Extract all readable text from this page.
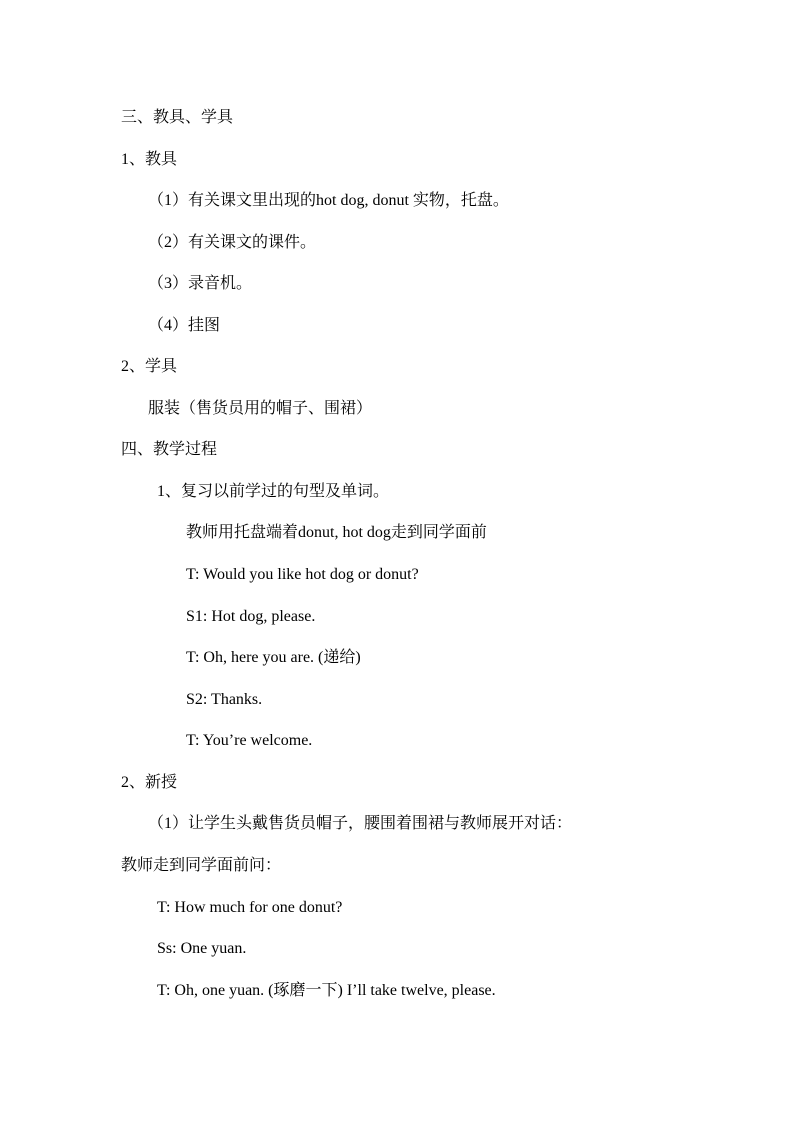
三、教具、学具
1、教具
（1）有关课文里出现的hot dog, donut 实物，托盘。
（2）有关课文的课件。
（3）录音机。
（4）挂图
2、学具
服装（售货员用的帽子、围裙）
四、教学过程
1、复习以前学过的句型及单词。
教师用托盘端着donut, hot dog走到同学面前
T: Would you like hot dog or donut?
S1: Hot dog, please.
T: Oh, here you are. (递给)
S2: Thanks.
T: You’re welcome.
2、新授
（1）让学生头戴售货员帽子，腰围着围裙与教师展开对话：
教师走到同学面前问：
T: How much for one donut?
Ss: One yuan.
T: Oh, one yuan. (琢磨一下) I’ll take twelve, please.
